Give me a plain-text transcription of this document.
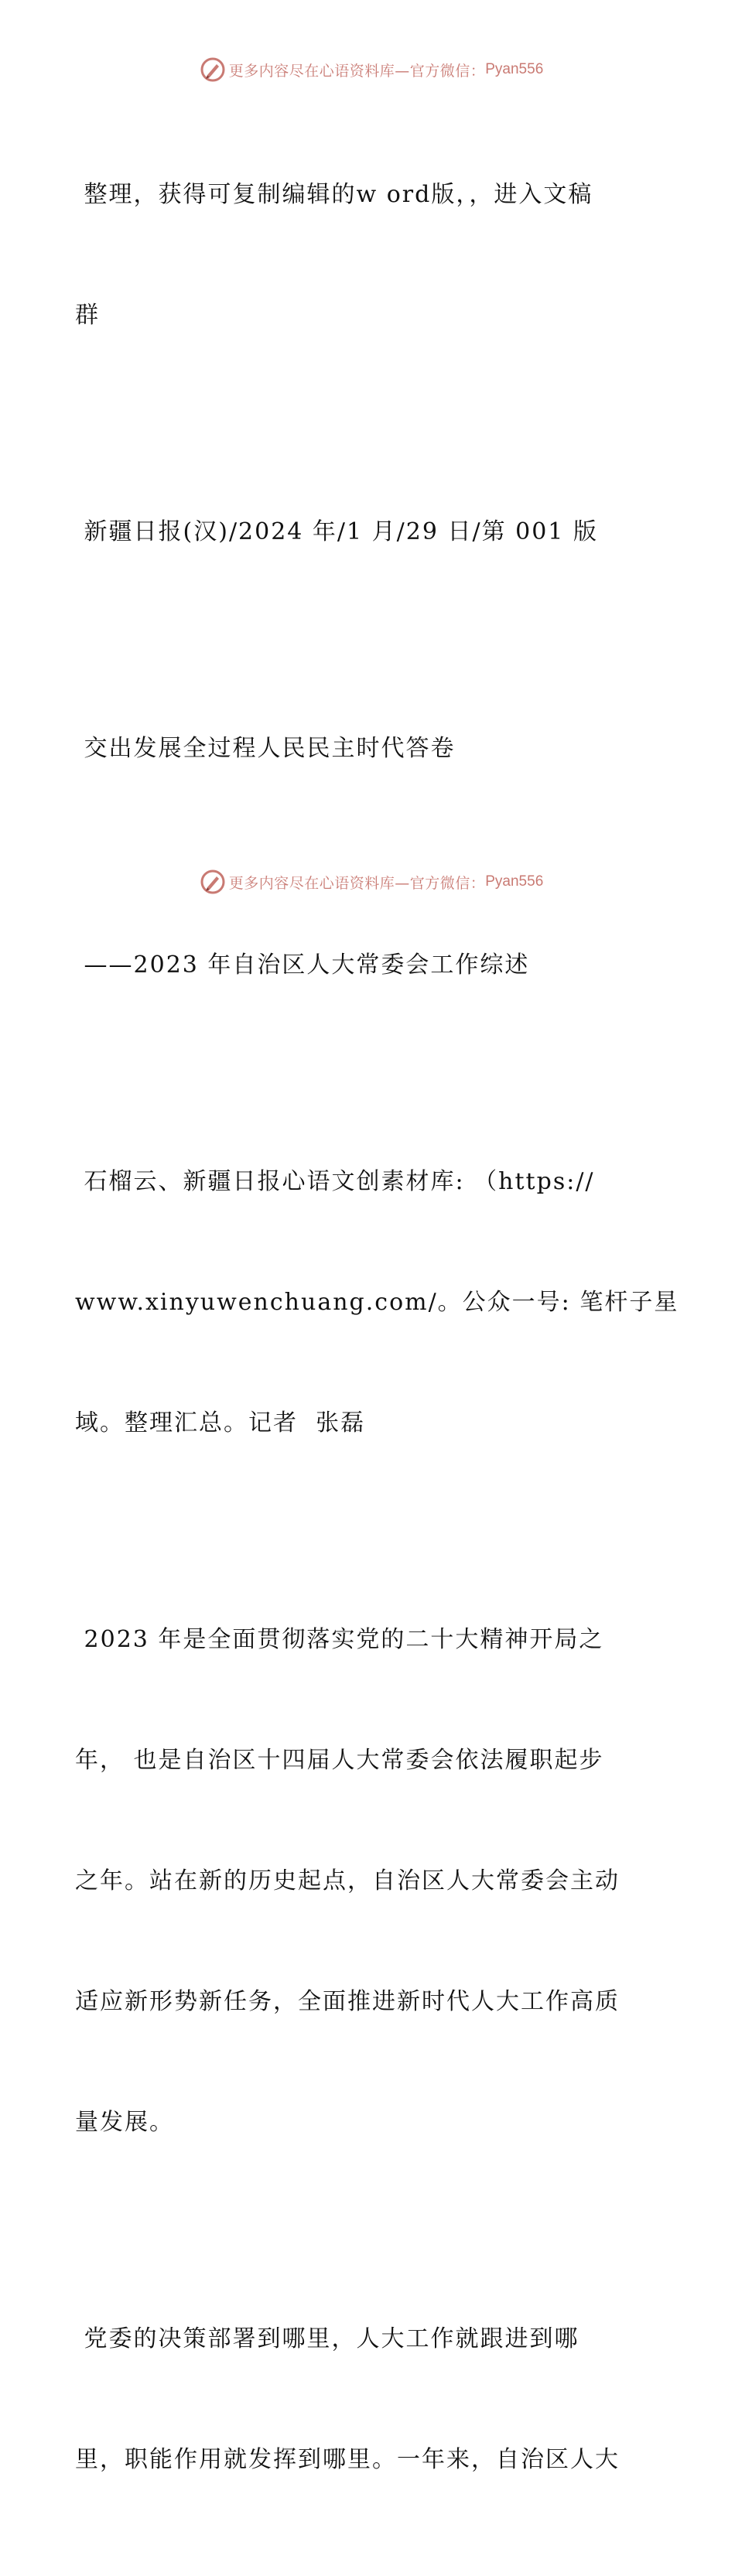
更多内容尽在心语资料库—官方微信： Pyan556

整理，获得可复制编辑的w ord版，，进入文稿

群

新疆日报(汉)/2024 年/1 月/29 日/第 001 版

交出发展全过程人民民主时代答卷

——2023 年自治区人大常委会工作综述

石榴云、新疆日报心语文创素材库: （https://

www.xinyuwenchuang.com/。公众一号: 笔杆子星

域。整理汇总。记者  张磊

2023 年是全面贯彻落实党的二十大精神开局之

年， 也是自治区十四届人大常委会依法履职起步

之年。站在新的历史起点，自治区人大常委会主动

适应新形势新任务，全面推进新时代人大工作高质

量发展。

党委的决策部署到哪里，人大工作就跟进到哪

里，职能作用就发挥到哪里。一年来，自治区人大

更多内容尽在心语资料库—官方微信： Pyan556
